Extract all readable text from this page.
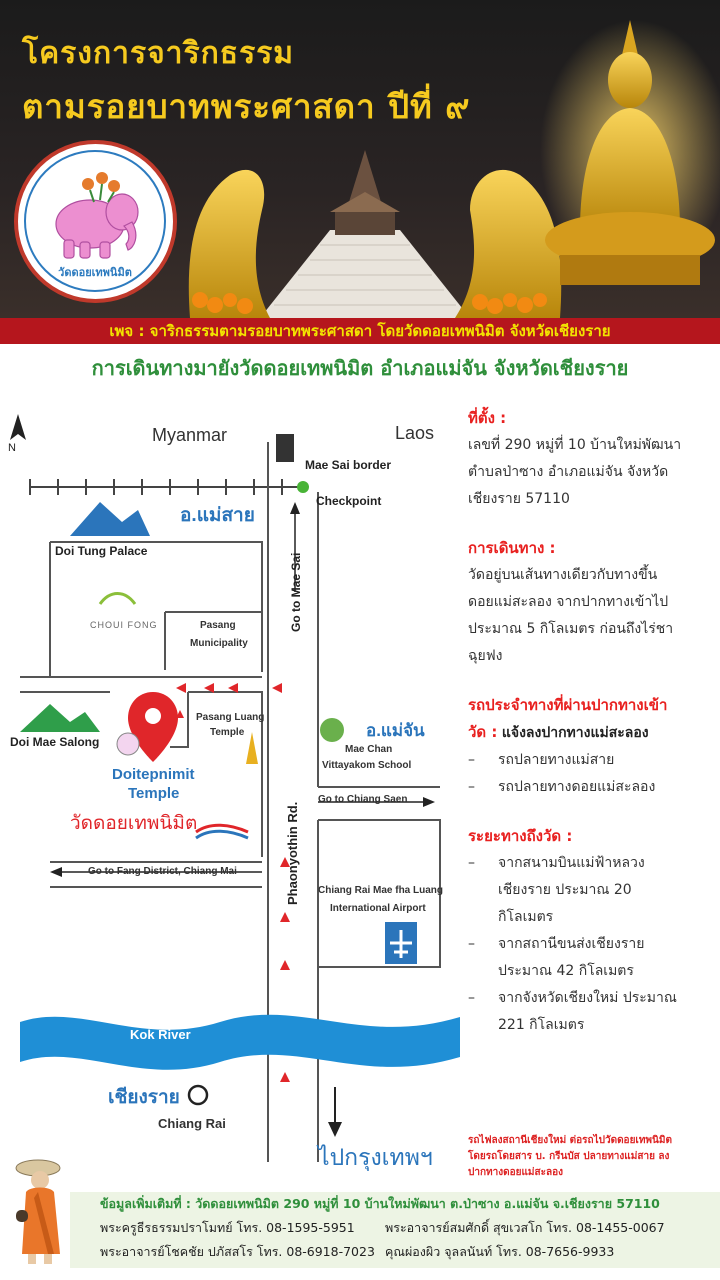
โครงการจาริกธรรม
ตามรอยบาทพระศาสดา ปีที่ ๙
วัดดอยเทพนิมิต
เพจ : จาริกธรรมตามรอยบาทพระศาสดา โดยวัดดอยเทพนิมิต จังหวัดเชียงราย
การเดินทางมายังวัดดอยเทพนิมิต อำเภอแม่จัน จังหวัดเชียงราย
N
Myanmar	Laos
Mae Sai border
Checkpoint
อ.แม่สาย
Doi Tung Palace
CHOUI FONG	Pasang
Municipality
Go to Mae Sai
Doi Mae Salong
Pasang Luang
Temple
Doitepnimit
Temple
วัดดอยเทพนิมิต
อ.แม่จัน
Mae Chan
Vittayakom School
Phaonyothin Rd.
Go to Chiang Saen
Go to Fang District, Chiang Mai
Chiang Rai Mae fha Luang
International Airport
Kok River
เชียงราย
Chiang Rai
ไปกรุงเทพฯ
ที่ตั้ง :
เลขที่ 290 หมู่ที่ 10 บ้านใหม่พัฒนา
ตำบลป่าซาง อำเภอแม่จัน จังหวัด
เชียงราย 57110
การเดินทาง :
วัดอยู่บนเส้นทางเดียวกับทางขึ้น
ดอยแม่สะลอง จากปากทางเข้าไป
ประมาณ 5 กิโลเมตร ก่อนถึงไร่ชา
ฉุยฟง
รถประจำทางที่ผ่านปากทางเข้า
วัด : แจ้งลงปากทางแม่สะลอง
– รถปลายทางแม่สาย
– รถปลายทางดอยแม่สะลอง
ระยะทางถึงวัด :
– จากสนามบินแม่ฟ้าหลวง
เชียงราย ประมาณ 20
กิโลเมตร
– จากสถานีขนส่งเชียงราย
ประมาณ 42 กิโลเมตร
– จากจังหวัดเชียงใหม่ ประมาณ
221 กิโลเมตร
รถไฟลงสถานีเชียงใหม่ ต่อรถไปวัดดอยเทพนิมิต
โดยรถโดยสาร บ. กรีนบัส ปลายทางแม่สาย ลง
ปากทางดอยแม่สะลอง
ข้อมูลเพิ่มเติมที่ : วัดดอยเทพนิมิต 290 หมู่ที่ 10 บ้านใหม่พัฒนา ต.ป่าซาง อ.แม่จัน จ.เชียงราย 57110
พระครูธีรธรรมปราโมทย์ โทร. 08-1595-5951 พระอาจารย์สมศักดิ์ สุขเวสโก โทร. 08-1455-0067
พระอาจารย์โชคชัย ปภัสสโร โทร. 08-6918-7023 คุณผ่องผิว จุลลนันท์ โทร. 08-7656-9933
